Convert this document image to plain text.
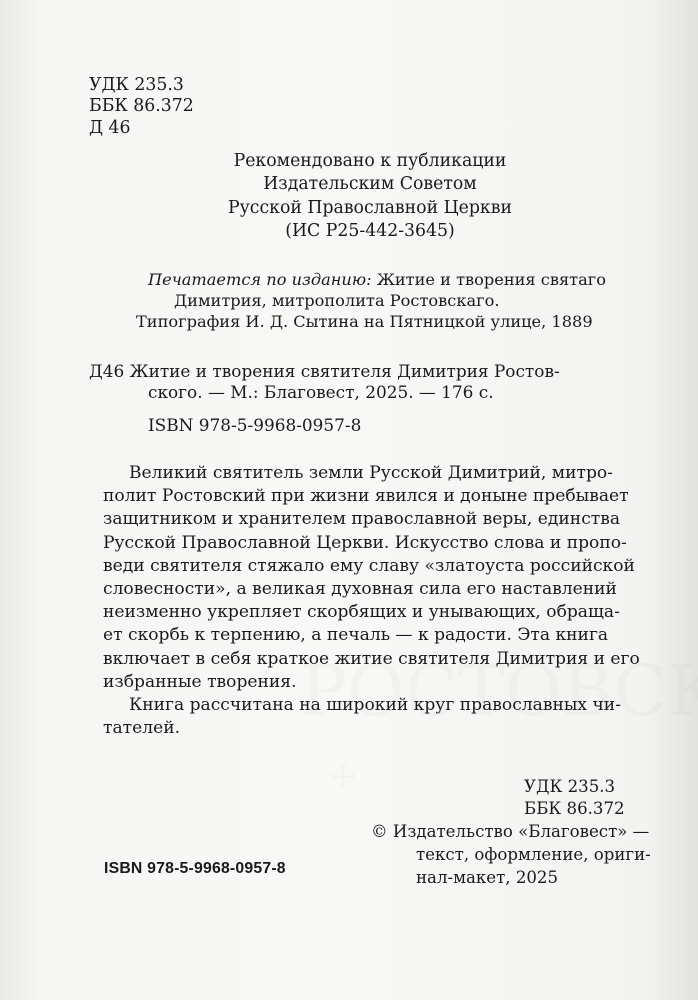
УДК 235.3
ББК 86.372
Д 46
Рекомендовано к публикации
Издательским Советом
Русской Православной Церкви
(ИС Р25-442-3645)
Печатается по изданию: Житие и творения святаго
Димитрия, митрополита Ростовскаго.
Типография И. Д. Сытина на Пятницкой улице, 1889
Д46 Житие и творения святителя Димитрия Ростов-
ского. — М.: Благовест, 2025. — 176 с.
ISBN 978-5-9968-0957-8
Великий святитель земли Русской Димитрий, митро-
полит Ростовский при жизни явился и доныне пребывает
защитником и хранителем православной веры, единства
Русской Православной Церкви. Искусство слова и пропо-
веди святителя стяжало ему славу «златоуста российской
словесности», а великая духовная сила его наставлений
неизменно укрепляет скорбящих и унывающих, обраща-
ет скорбь к терпению, а печаль — к радости. Эта книга
включает в себя краткое житие святителя Димитрия и его
избранные творения.
Книга рассчитана на широкий круг православных чи-
тателей.
УДК 235.3
ББК 86.372
© Издательство «Благовест» —
текст, оформление, ориги-
нал-макет, 2025
ISBN 978-5-9968-0957-8
